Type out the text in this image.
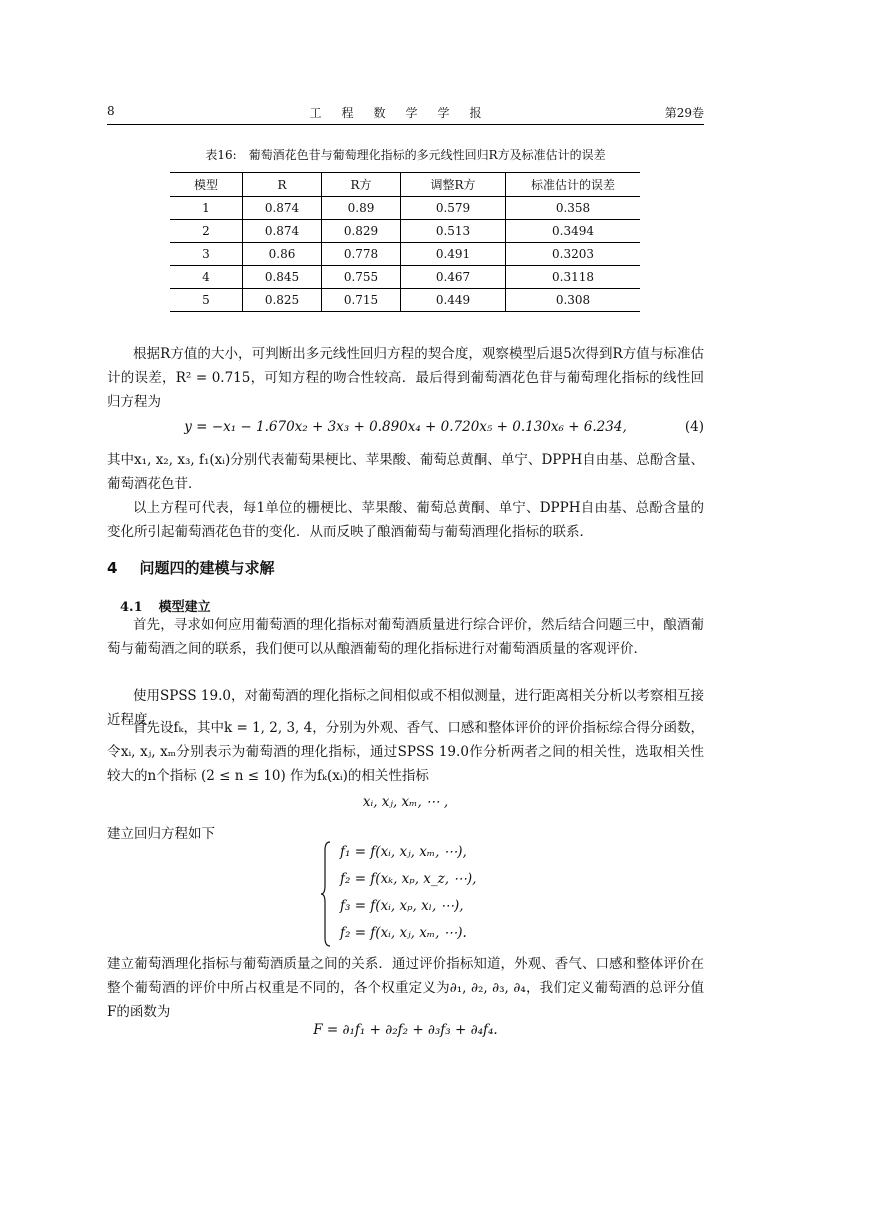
8	工程数学学报	第29卷
表16: 葡萄酒花色苷与葡萄理化指标的多元线性回归R方及标准估计的误差
模型	R	R方	调整R方	标准估计的误差
1	0.874	0.89	0.579	0.358
2	0.874	0.829	0.513	0.3494
3	0.86	0.778	0.491	0.3203
4	0.845	0.755	0.467	0.3118
5	0.825	0.715	0.449	0.308
根据R方值的大小，可判断出多元线性回归方程的契合度，观察模型后退5次得到R方值与标准估计的误差，R² = 0.715，可知方程的吻合性较高．最后得到葡萄酒花色苷与葡萄理化指标的线性回归方程为
y = −x₁ − 1.670x₂ + 3x₃ + 0.890x₄ + 0.720x₅ + 0.130x₆ + 6.234,	(4)
其中x₁, x₂, x₃, f₁(xᵢ)分别代表葡萄果梗比、苹果酸、葡萄总黄酮、单宁、DPPH自由基、总酚含量、葡萄酒花色苷．
以上方程可代表，每1单位的栅梗比、苹果酸、葡萄总黄酮、单宁、DPPH自由基、总酚含量的变化所引起葡萄酒花色苷的变化．从而反映了酿酒葡萄与葡萄酒理化指标的联系．
4 问题四的建模与求解
4.1 模型建立
首先，寻求如何应用葡萄酒的理化指标对葡萄酒质量进行综合评价，然后结合问题三中，酿酒葡萄与葡萄酒之间的联系，我们便可以从酿酒葡萄的理化指标进行对葡萄酒质量的客观评价．
使用SPSS 19.0，对葡萄酒的理化指标之间相似或不相似测量，进行距离相关分析以考察相互接近程度．
首先设fₖ，其中k = 1, 2, 3, 4，分别为外观、香气、口感和整体评价的评价指标综合得分函数，令xᵢ, xⱼ, xₘ分别表示为葡萄酒的理化指标，通过SPSS 19.0作分析两者之间的相关性，选取相关性较大的n个指标 (2 ≤ n ≤ 10) 作为fₖ(xᵢ)的相关性指标
xᵢ, xⱼ, xₘ, ⋯ ,
建立回归方程如下
f₁ = f(xᵢ, xⱼ, xₘ, ⋯),
f₂ = f(xₖ, xₚ, x_z, ⋯),
f₃ = f(xᵢ, xₚ, xₗ, ⋯),
f₂ = f(xᵢ, xⱼ, xₘ, ⋯).
建立葡萄酒理化指标与葡萄酒质量之间的关系．通过评价指标知道，外观、香气、口感和整体评价在整个葡萄酒的评价中所占权重是不同的，各个权重定义为∂₁, ∂₂, ∂₃, ∂₄，我们定义葡萄酒的总评分值F的函数为
F = ∂₁f₁ + ∂₂f₂ + ∂₃f₃ + ∂₄f₄.
